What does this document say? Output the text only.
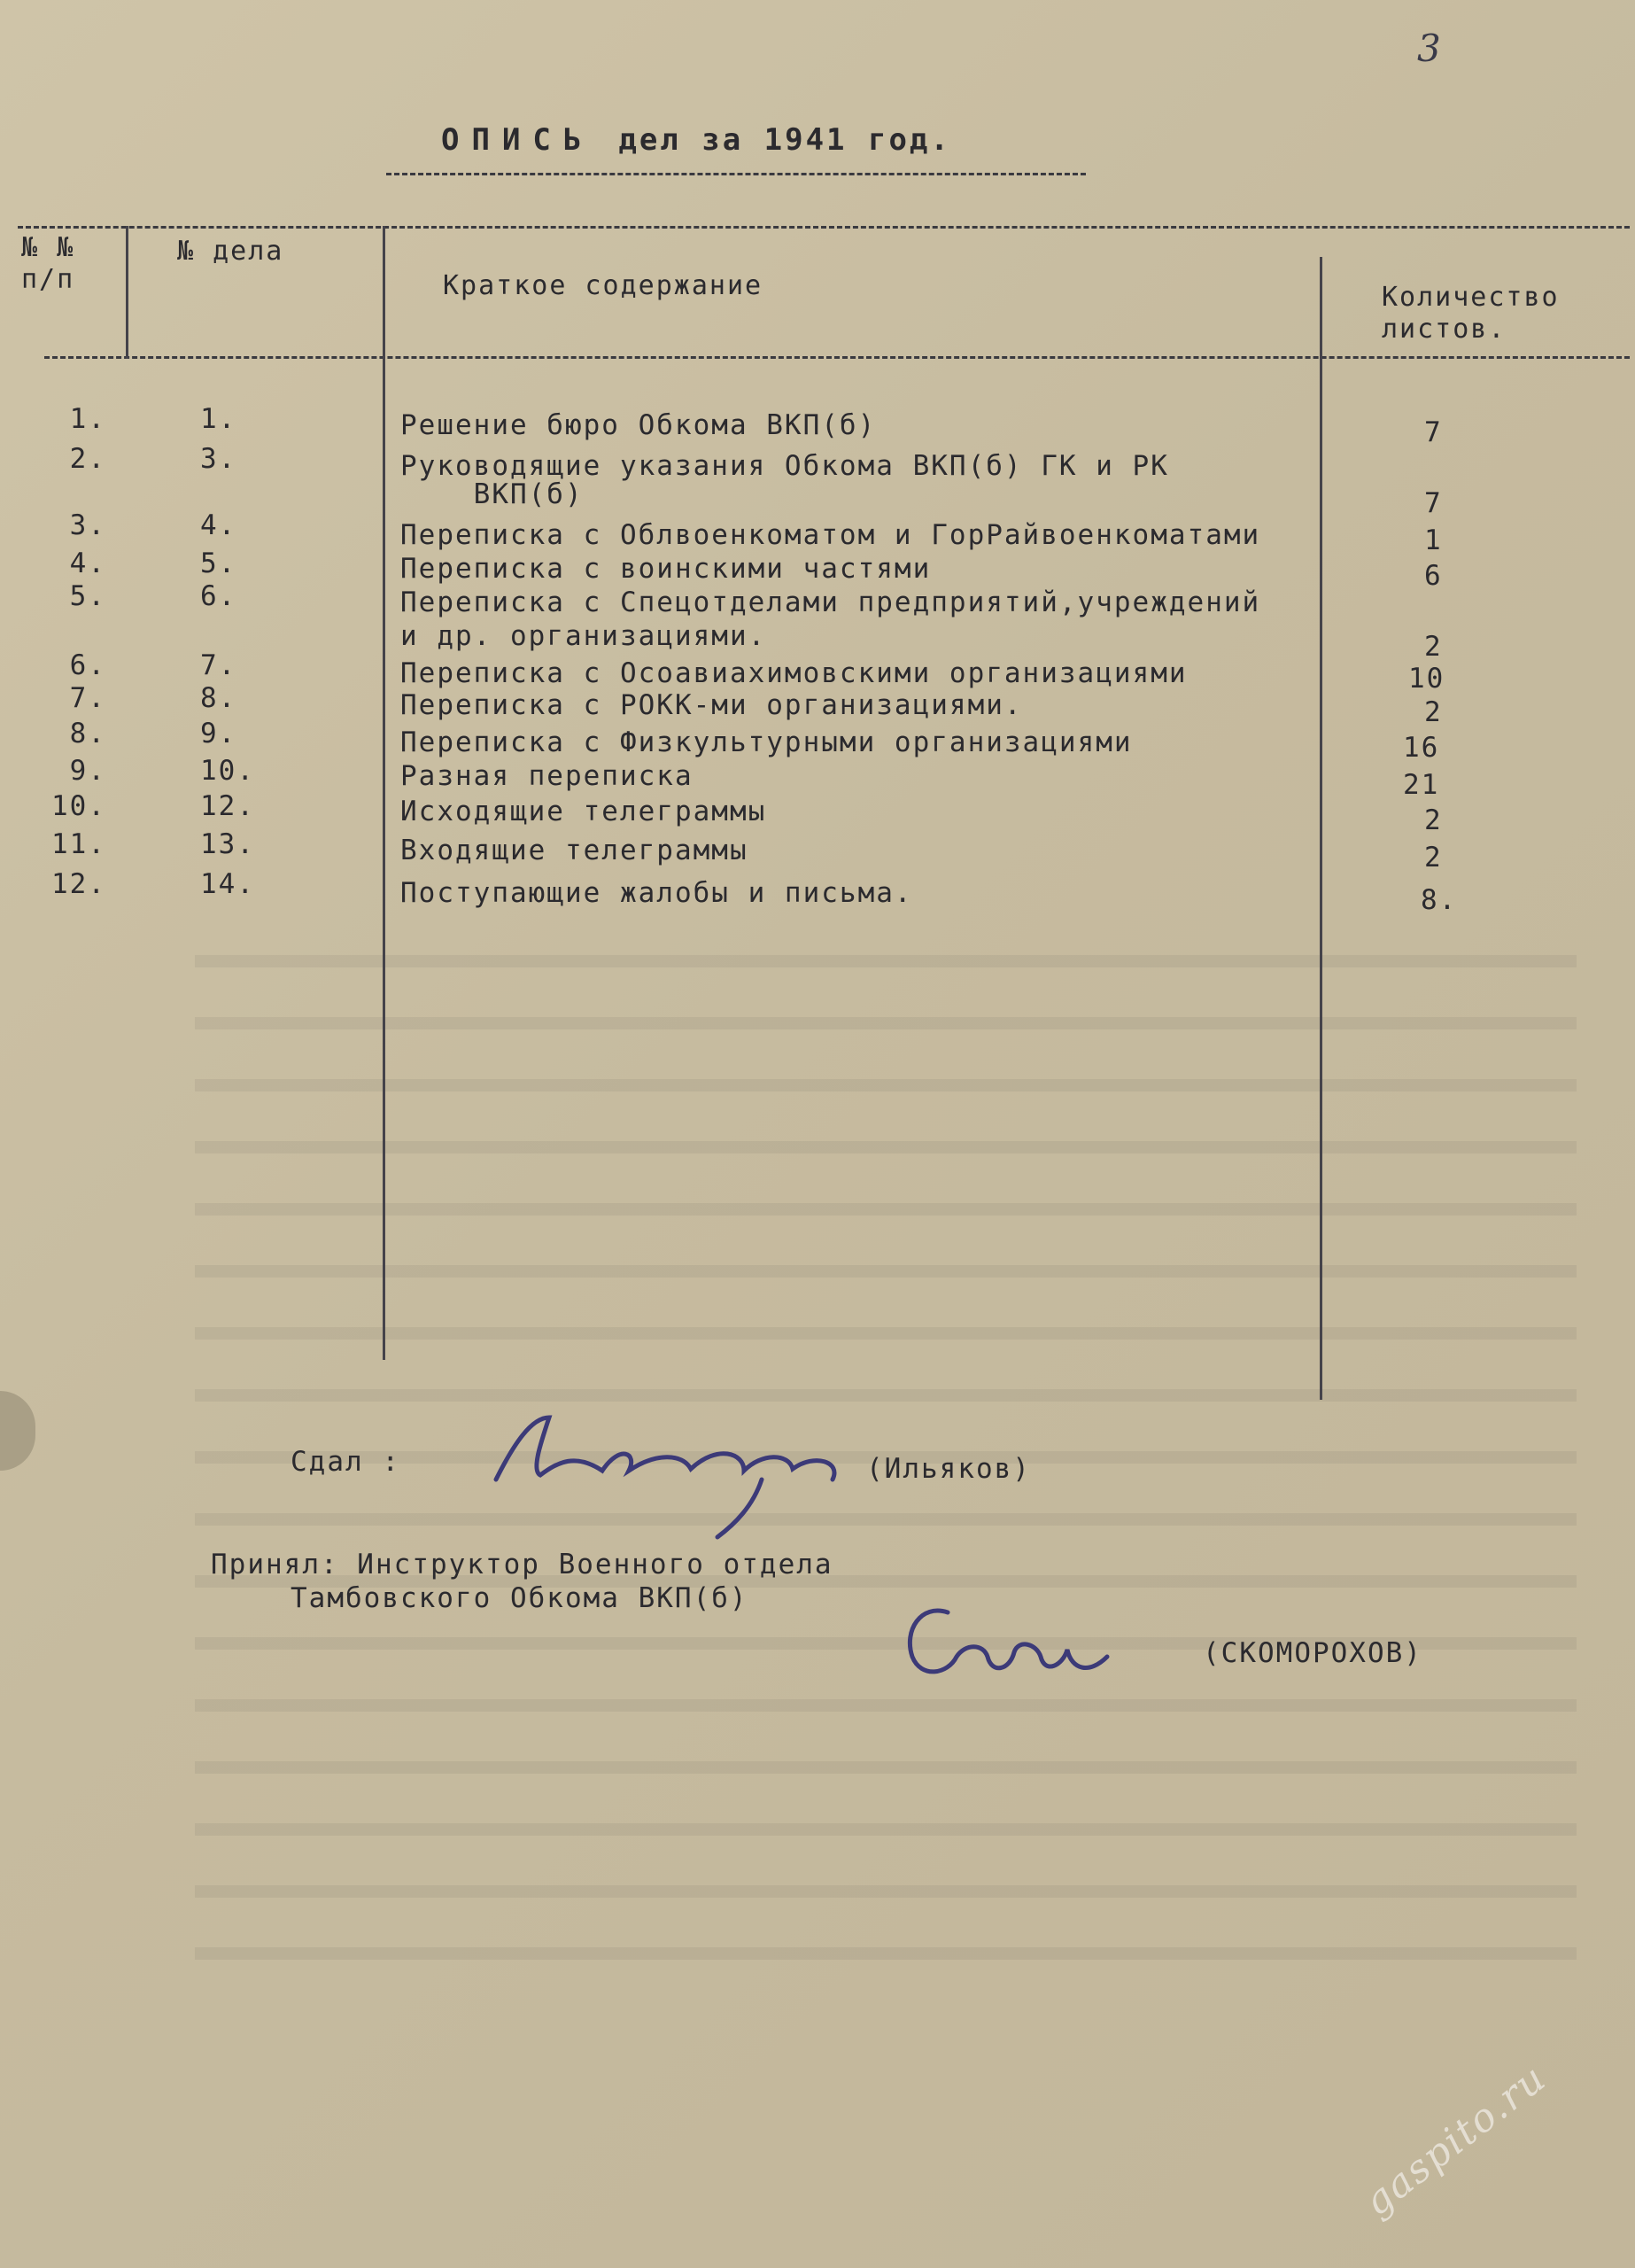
3
ОПИСЬ дел за 1941 год.
№ №
п/п
№ дела
Краткое содержание	Количество
листов.
1.	1.	Решение бюро Обкома ВКП(б)	7
2.	3.	Руководящие указания Обкома ВКП(б) ГК и РК
ВКП(б)	7
3.	4.	Переписка с Облвоенкоматом и ГорРайвоенкоматами	1
4.	5.	Переписка с воинскими частями	6
5.	6.	Переписка с Спецотделами предприятий,учреждений
и др. организациями.	2
6.	7.	Переписка с Осоавиахимовскими организациями	10
7.	8.	Переписка с РОКК-ми организациями.	2
8.	9.	Переписка с Физкультурными организациями	16
9.	10.	Разная переписка	21
10.	12.	Исходящие телеграммы	2
11.	13.	Входящие телеграммы	2
12.	14.	Поступающие жалобы и письма.	8.
Сдал :	(Ильяков)
Принял: Инструктор Военного отдела
Тамбовского Обкома ВКП(б)
(СКОМОРОХОВ)
gaspito.ru
